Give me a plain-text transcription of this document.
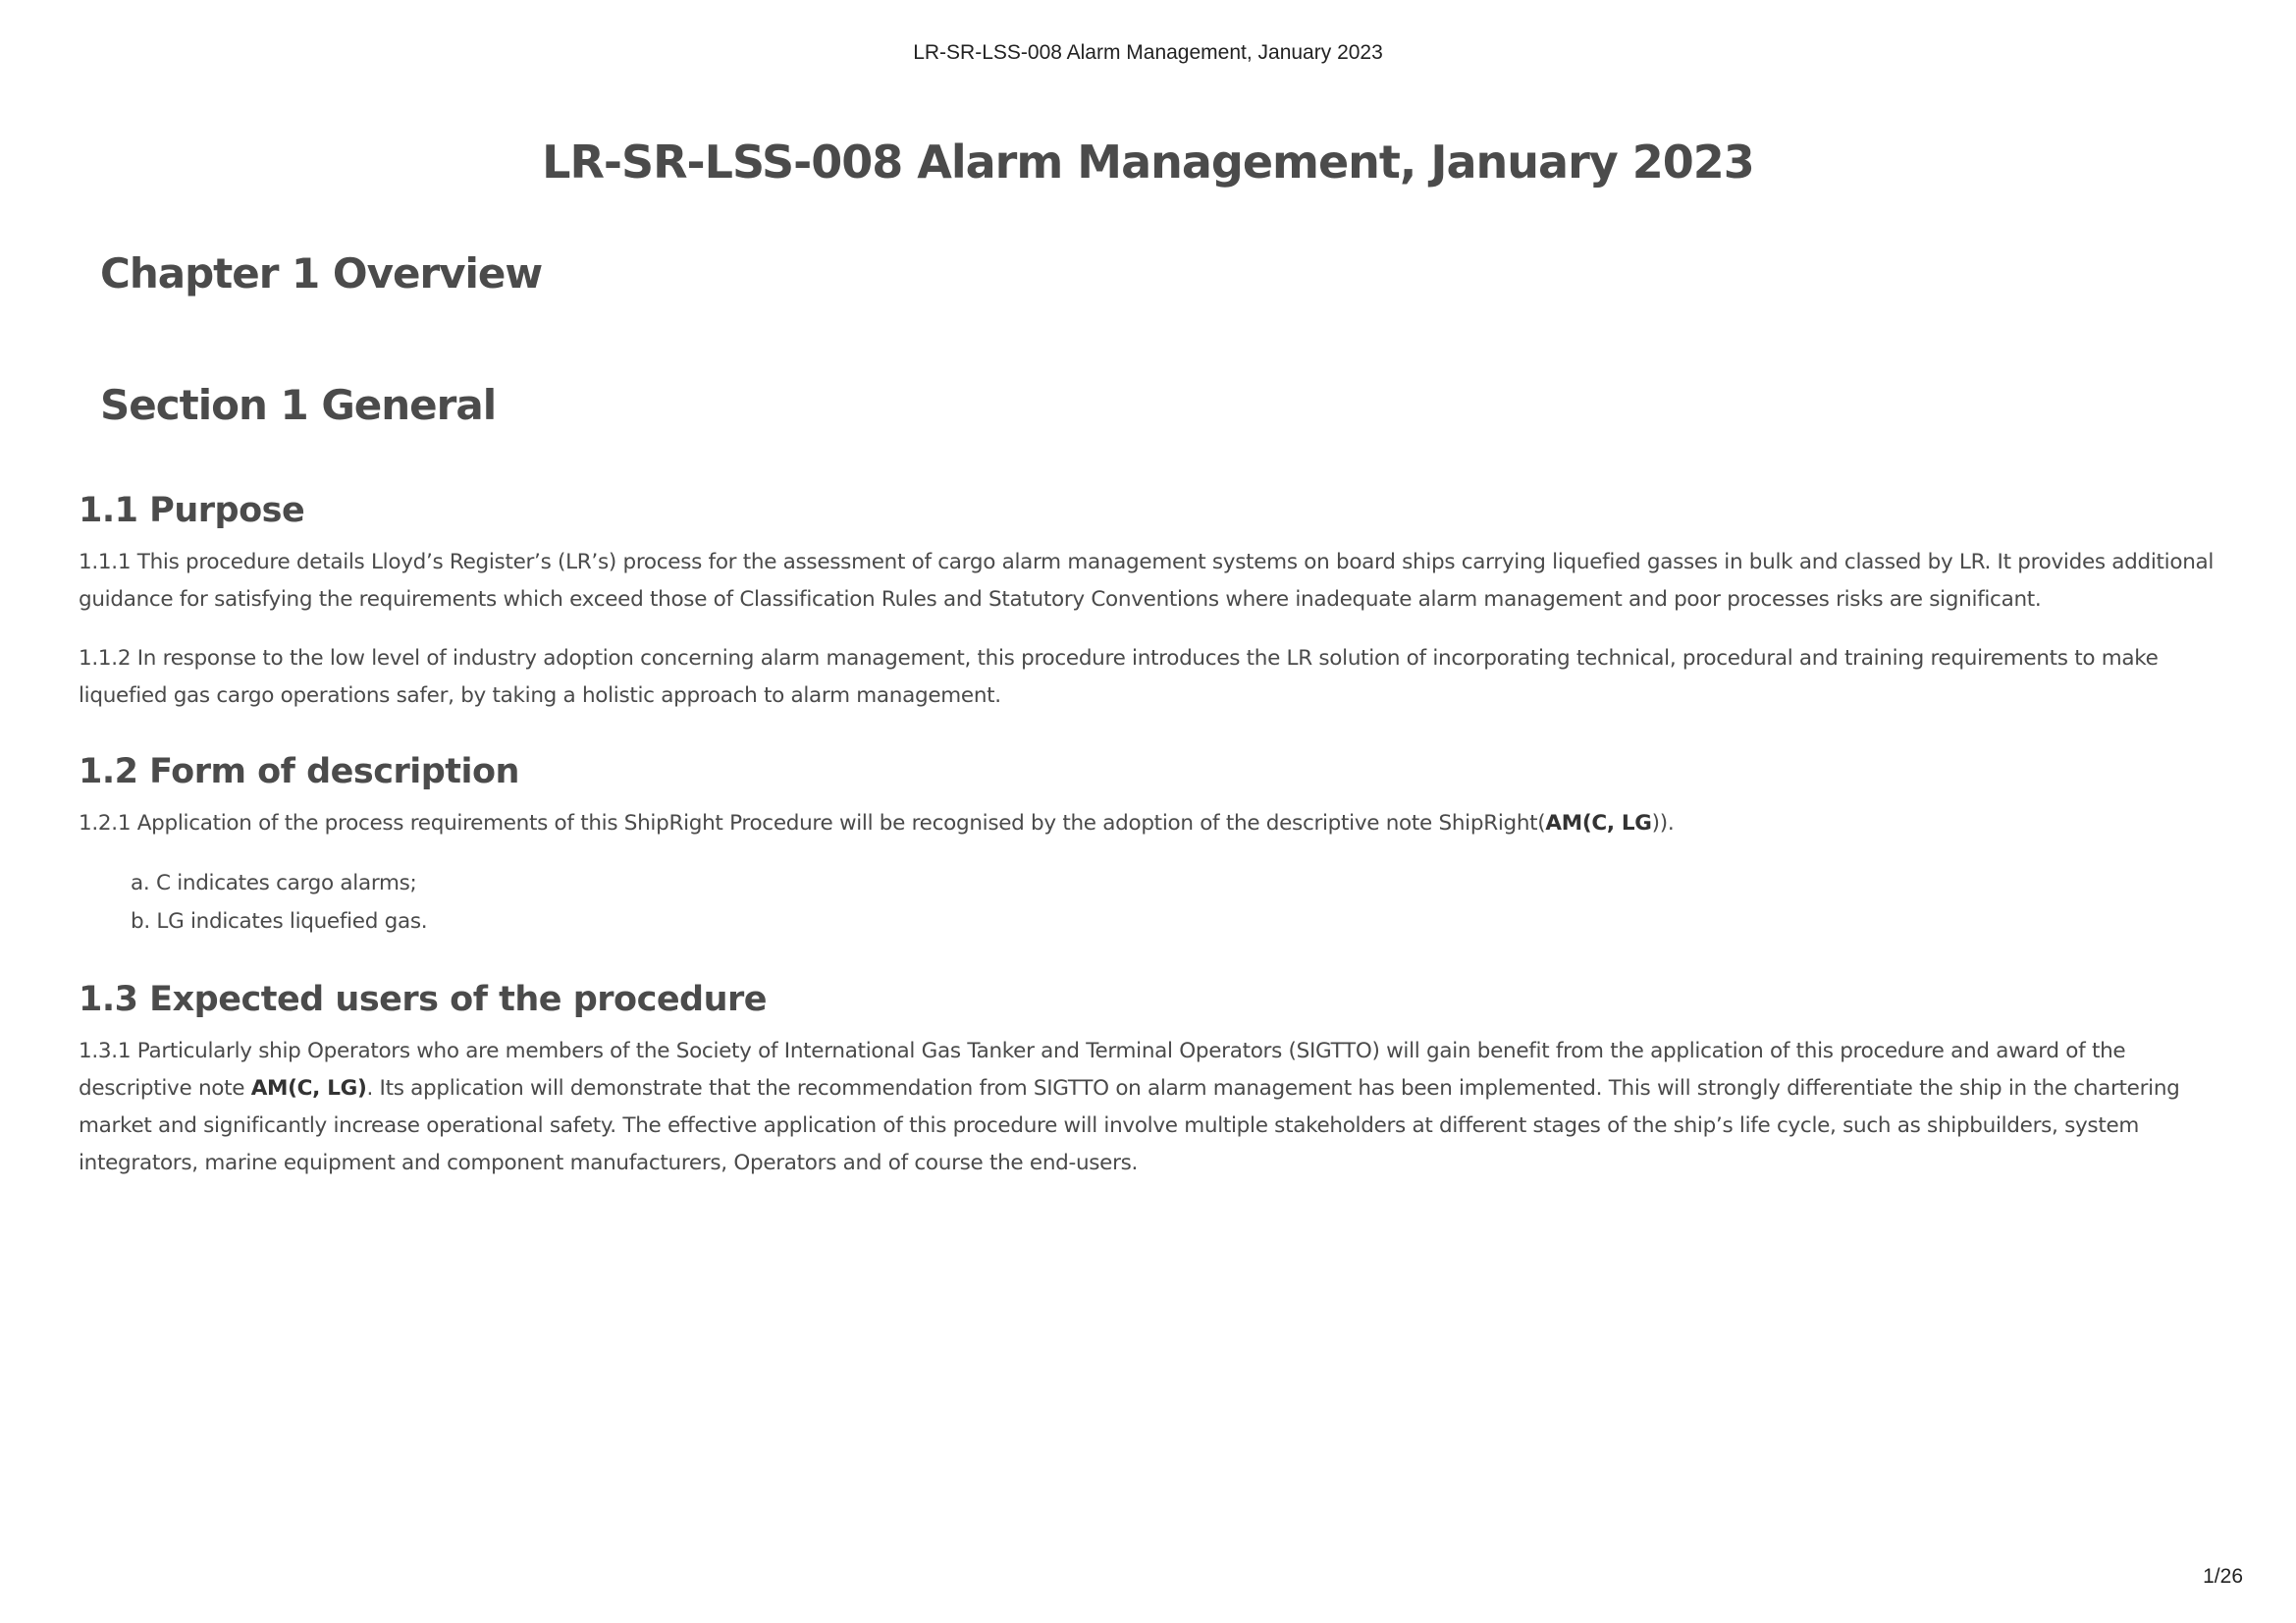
LR-SR-LSS-008 Alarm Management, January 2023
LR-SR-LSS-008 Alarm Management, January 2023
Chapter 1 Overview
Section 1 General
1.1 Purpose

1.1.1 This procedure details Lloyd’s Register’s (LR’s) process for the assessment of cargo alarm management systems on board ships carrying liquefied gasses in bulk and classed by LR. It provides additional guidance for satisfying the requirements which exceed those of Classification Rules and Statutory Conventions where inadequate alarm management and poor processes risks are significant.

1.1.2 In response to the low level of industry adoption concerning alarm management, this procedure introduces the LR solution of incorporating technical, procedural and training requirements to make liquefied gas cargo operations safer, by taking a holistic approach to alarm management.

1.2 Form of description

1.2.1 Application of the process requirements of this ShipRight Procedure will be recognised by the adoption of the descriptive note ShipRight(AM(C, LG)).

a. C indicates cargo alarms;
b. LG indicates liquefied gas.
1.3 Expected users of the procedure

1.3.1 Particularly ship Operators who are members of the Society of International Gas Tanker and Terminal Operators (SIGTTO) will gain benefit from the application of this procedure and award of the descriptive note AM(C, LG). Its application will demonstrate that the recommendation from SIGTTO on alarm management has been implemented. This will strongly differentiate the ship in the chartering market and significantly increase operational safety. The effective application of this procedure will involve multiple stakeholders at different stages of the ship’s life cycle, such as shipbuilders, system integrators, marine equipment and component manufacturers, Operators and of course the end-users.

1/26
